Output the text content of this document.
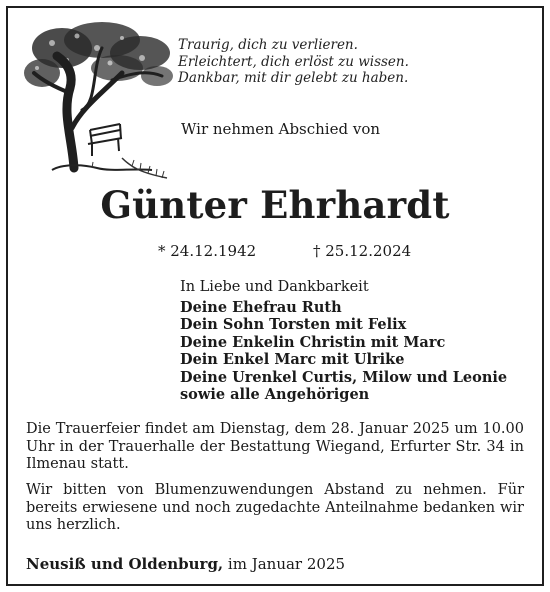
Traurig, dich zu verlieren.
Erleichtert, dich erlöst zu wissen.
Dankbar, mit dir gelebt zu haben.
Wir nehmen Abschied von
Günter Ehrhardt
* 24.12.1942	† 25.12.2024
In Liebe und Dankbarkeit
Deine Ehefrau Ruth
Dein Sohn Torsten mit Felix
Deine Enkelin Christin mit Marc
Dein Enkel Marc mit Ulrike
Deine Urenkel Curtis, Milow und Leonie
sowie alle Angehörigen
Die Trauerfeier findet am Dienstag, dem 28. Januar 2025 um 10.00 Uhr in der Trauerhalle der Bestattung Wiegand, Erfurter Str. 34 in Ilmenau statt.
Wir bitten von Blumenzuwendungen Abstand zu nehmen. Für bereits erwiesene und noch zugedachte Anteilnahme bedanken wir uns herzlich.
Neusiß und Oldenburg, im Januar 2025
